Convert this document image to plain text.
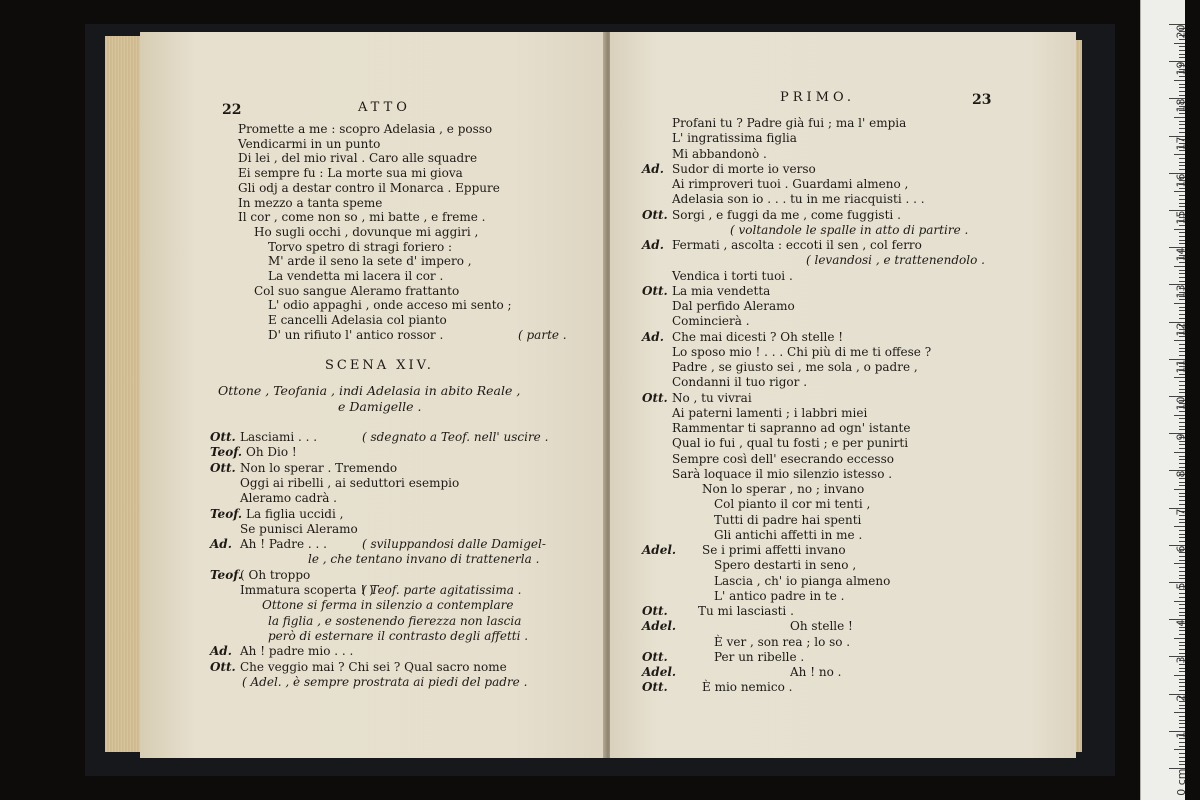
22	ATTO
Promette a me : scopro Adelasia , e posso
Vendicarmi in un punto
Di lei , del mio rival . Caro alle squadre
Ei sempre fu : La morte sua mi giova
Gli odj a destar contro il Monarca . Eppure
In mezzo a tanta speme
Il cor , come non so , mi batte , e freme .
Ho sugli occhi , dovunque mi aggiri ,
Torvo spetro di stragi foriero :
M' arde il seno la sete d' impero ,
La vendetta mi lacera il cor .
Col suo sangue Aleramo frattanto
L' odio appaghi , onde acceso mi sento ;
E cancelli Adelasia col pianto
D' un rifiuto l' antico rossor .	( parte .
SCENA XIV.
Ottone , Teofania , indi Adelasia in abito Reale ,
e Damigelle .
Ott. Lasciami . . .	( sdegnato a Teof. nell' uscire .
Teof. Oh Dio !
Ott. Non lo sperar . Tremendo
Oggi ai ribelli , ai seduttori esempio
Aleramo cadrà .
Teof. La figlia uccidi ,
Se punisci Aleramo
Ad. Ah ! Padre . . .	( sviluppandosi dalle Damigel-
le , che tentano invano di trattenerla .
Teof.
( Oh troppo
Immatura scoperta ! )
( Teof. parte agitatissima .
Ottone si ferma in silenzio a contemplare
la figlia , e sostenendo fierezza non lascia
però di esternare il contrasto degli affetti .
Ad. Ah ! padre mio . . .
Ott. Che veggio mai ? Chi sei ? Qual sacro nome
( Adel. , è sempre prostrata ai piedi del padre .
PRIMO.	23
Profani tu ? Padre già fui ; ma l' empia
L' ingratissima figlia
Mi abbandonò .
Ad. Sudor di morte io verso
Ai rimproveri tuoi . Guardami almeno ,
Adelasia son io . . . tu in me riacquisti . . .
Ott. Sorgi , e fuggi da me , come fuggisti .
( voltandole le spalle in atto di partire .
Ad. Fermati , ascolta : eccoti il sen , col ferro
( levandosi , e trattenendolo .
Vendica i torti tuoi .
Ott. La mia vendetta
Dal perfido Aleramo
Comincierà .
Ad. Che mai dicesti ? Oh stelle !
Lo sposo mio ! . . . Chi più di me ti offese ?
Padre , se giusto sei , me sola , o padre ,
Condanni il tuo rigor .
Ott. No , tu vivrai
Ai paterni lamenti ; i labbri miei
Rammentar ti sapranno ad ogn' istante
Qual io fui , qual tu fosti ; e per punirti
Sempre così dell' esecrando eccesso
Sarà loquace il mio silenzio istesso .
Non lo sperar , no ; invano
Col pianto il cor mi tenti ,
Tutti di padre hai spenti
Gli antichi affetti in me .
Adel. Se i primi affetti invano
Spero destarti in seno ,
Lascia , ch' io pianga almeno
L' antico padre in te .
Ott.	Tu mi lasciasti .
Adel.	Oh stelle !
È ver , son rea ; lo so .
Ott.	Per un ribelle .
Adel.	Ah ! no .
Ott.	È mio nemico .
0 cm
1
2
3
4
5
6
7
8
9
10
11
12
13
14
15
16
17
18
19
20
